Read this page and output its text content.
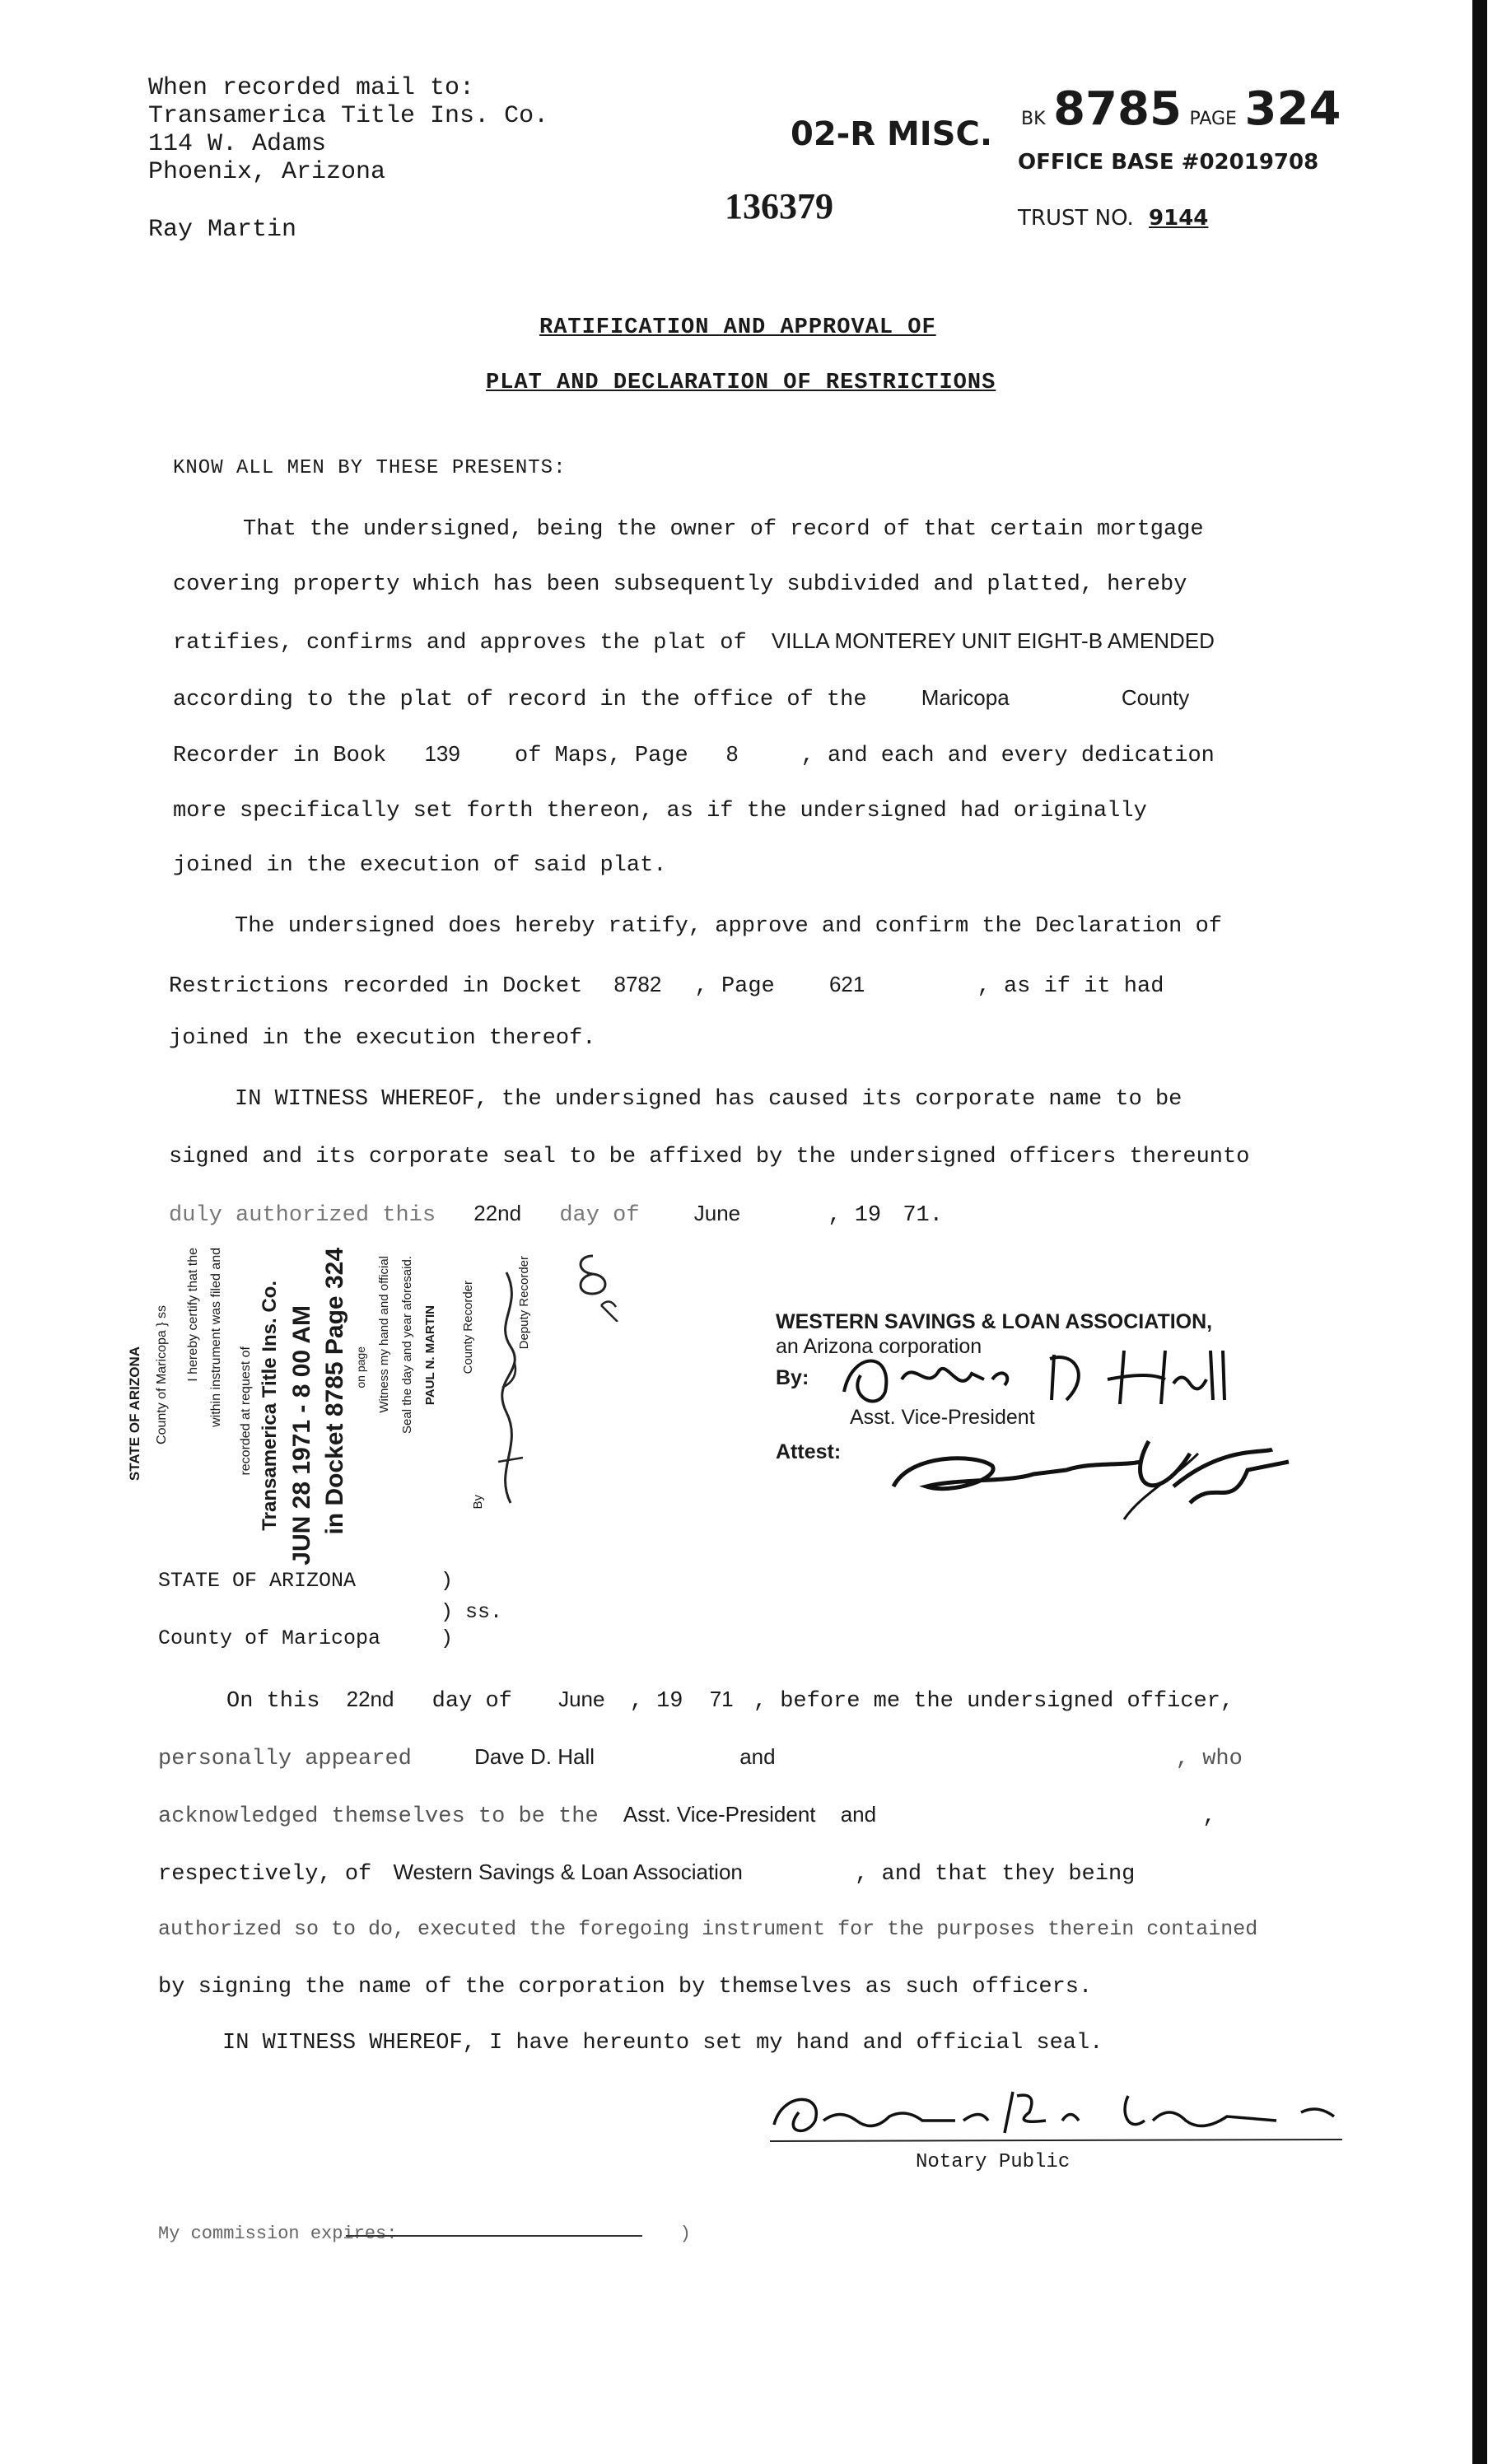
When recorded mail to:
Transamerica Title Ins. Co.
114 W. Adams
Phoenix, Arizona
Ray Martin
02-R MISC.
136379
BK 8785 PAGE 324
OFFICE BASE #02019708
TRUST NO. 9144
RATIFICATION AND APPROVAL OF
PLAT AND DECLARATION OF RESTRICTIONS
KNOW ALL MEN BY THESE PRESENTS:
That the undersigned, being the owner of record of that certain mortgage
covering property which has been subsequently subdivided and platted, hereby
ratifies, confirms and approves the plat of VILLA MONTEREY UNIT EIGHT-B AMENDED
according to the plat of record in the office of the	Maricopa	County
Recorder in Book 139 of Maps, Page 8	, and each and every dedication
more specifically set forth thereon, as if the undersigned had originally
joined in the execution of said plat.
The undersigned does hereby ratify, approve and confirm the Declaration of
Restrictions recorded in Docket 8782 , Page	621	, as if it had
joined in the execution thereof.
IN WITNESS WHEREOF, the undersigned has caused its corporate name to be
signed and its corporate seal to be affixed by the undersigned officers thereunto
duly authorized this 22nd day of	June	, 19 71.
STATE OF ARIZONA County of Maricopa } ss I hereby certify that the within instrument was filed and recorded at request of Transamerica Title Ins. Co. JUN 28 1971 - 8 00 AM in Docket 8785 Page 324 on page Witness my hand and official Seal the day and year aforesaid. PAUL N. MARTIN County Recorder
By
Deputy Recorder	WESTERN SAVINGS & LOAN ASSOCIATION,
an Arizona corporation
By:
Asst. Vice-President
Attest:
STATE OF ARIZONA	)
) ss.
County of Maricopa	)
On this 22nd day of June , 19 71 , before me the undersigned officer,
personally appeared	Dave D. Hall	and	, who
acknowledged themselves to be the Asst. Vice-President and	,
respectively, of Western Savings & Loan Association	, and that they being
authorized so to do, executed the foregoing instrument for the purposes therein contained
by signing the name of the corporation by themselves as such officers.
IN WITNESS WHEREOF, I have hereunto set my hand and official seal.
Notary Public
My commission expires:	)
